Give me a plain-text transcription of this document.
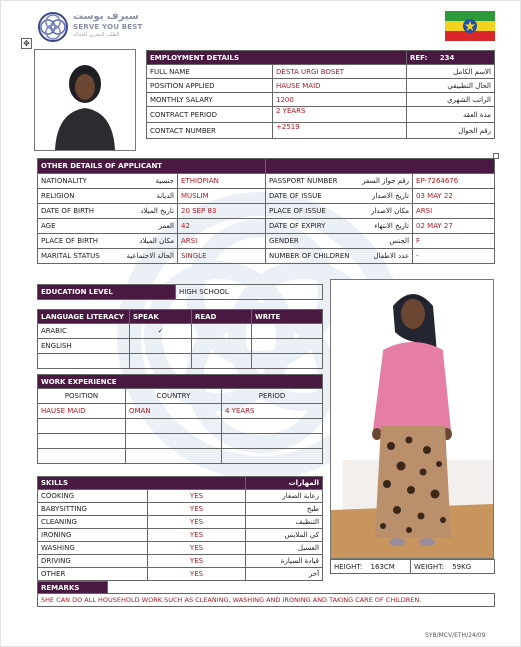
سيرف يوست
SERVE YOU BEST
الطلب البشري للعمالة
✥
EMPLOYMENT DETAILS		REF: 234
FULL NAME	DESTA URGI BOSET	الاسم الكامل
POSITION APPLIED	HAUSE MAID	الحال التطبيقي
MONTHLY SALARY	1200	الراتب الشهري
CONTRACT PERIOD	2 YEARS	مدة العقد
CONTACT NUMBER	+2519	رقم الجوال
OTHER DETAILS OF APPLICANT			

NATIONALITY جنسية	ETHIOPIAN	PASSPORT NUMBER رقم جواز السفر	EP-7264676

RELIGION الديانة	MUSLIM	DATE OF ISSUE تاريخ الاصدار	03 MAY 22

DATE OF BIRTH تاريخ الميلاد	20 SEP 83	PLACE OF ISSUE مكان الاصدار	ARSI

AGE العمر	42	DATE OF EXPIRY تاريخ الانتهاء	02 MAY 27

PLACE OF BIRTH مكان الميلاد	ARSI	GENDER الجنس	F

MARITAL STATUS الحالة الاجتماعية	SINGLE	NUMBER OF CHILDREN عدد الاطفال	-
EDUCATION LEVEL	HIGH SCHOOL
LANGUAGE LITERACY	SPEAK	READ	WRITE
ARABIC	✓		
ENGLISH			

WORK EXPERIENCE		
POSITION	COUNTRY	PERIOD
HAUSE MAID	OMAN	4 YEARS

SKILLS		المهارات
COOKING	YES	رعاية الصغار
BABYSITTING	YES	طبخ
CLEANING	YES	التنظيف
IRONING	YES	كي الملابس
WASHING	YES	الغسيل
DRIVING	YES	قيادة السيارة
OTHER	YES	آخر
REMARKS	
SHE CAN DO ALL HOUSEHOLD WORK SUCH AS CLEANING, WASHING AND IRONING AND TAKING CARE OF CHILDREN.
HEIGHT: 163CM	WEIGHT: 59KG
SYB/MCV/ETH/24/09
